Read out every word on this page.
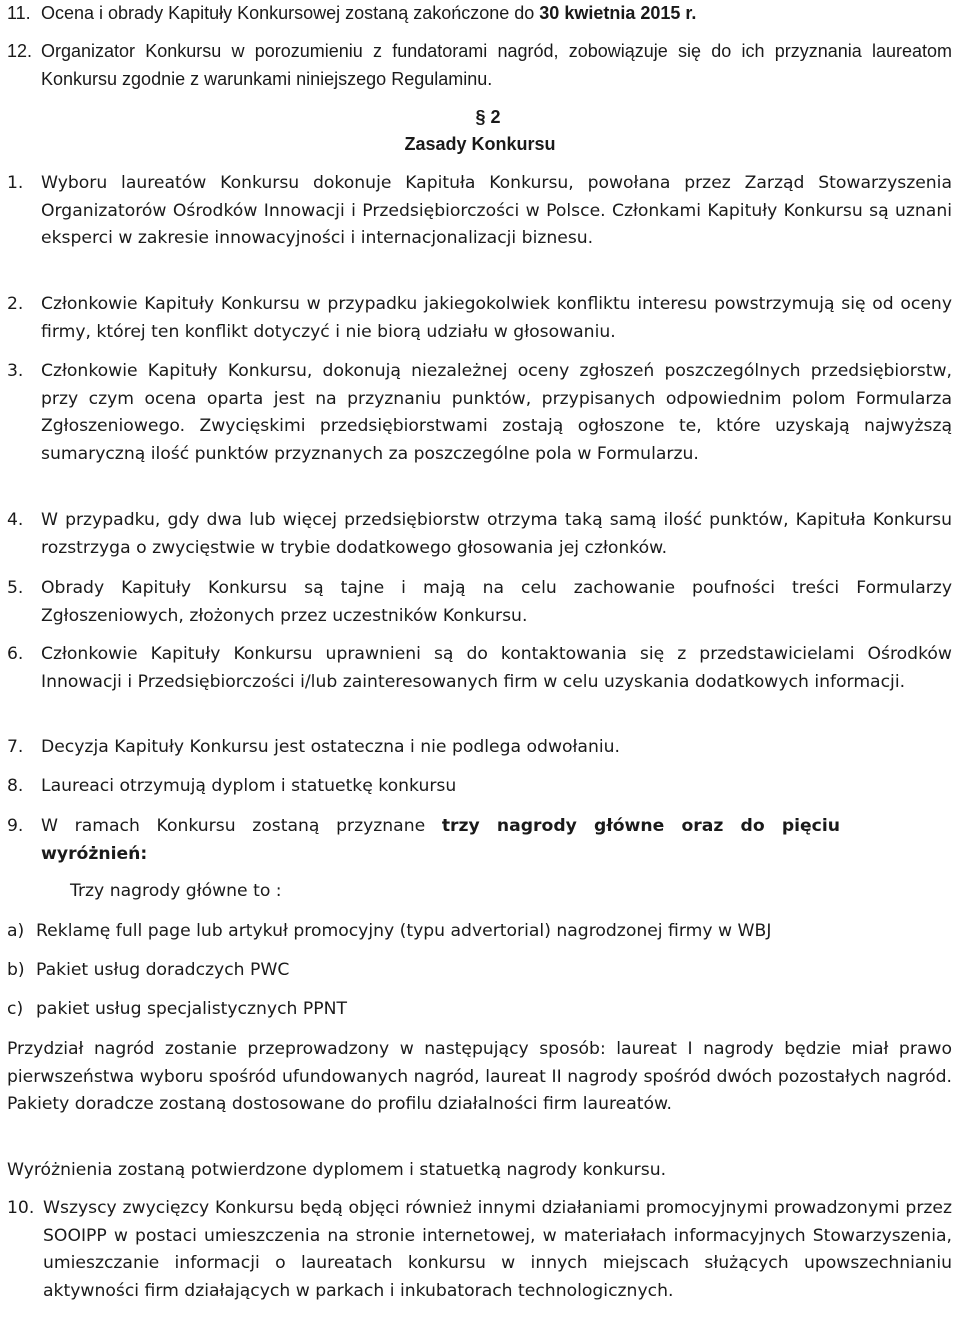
11. Ocena i obrady Kapituły Konkursowej zostaną zakończone do 30 kwietnia 2015 r.
12. Organizator Konkursu w porozumieniu z fundatorami nagród, zobowiązuje się do ich przyznania laureatom Konkursu zgodnie z warunkami niniejszego Regulaminu.
§ 2
Zasady Konkursu
1. Wyboru laureatów Konkursu dokonuje Kapituła Konkursu, powołana przez Zarząd Stowarzyszenia Organizatorów Ośrodków Innowacji i Przedsiębiorczości w Polsce. Członkami Kapituły Konkursu są uznani eksperci w zakresie innowacyjności i internacjonalizacji biznesu.
2. Członkowie Kapituły Konkursu w przypadku jakiegokolwiek konfliktu interesu powstrzymują się od oceny firmy, której ten konflikt dotyczyć i nie biorą udziału w głosowaniu.
3. Członkowie Kapituły Konkursu, dokonują niezależnej oceny zgłoszeń poszczególnych przedsiębiorstw, przy czym ocena oparta jest na przyznaniu punktów, przypisanych odpowiednim polom Formularza Zgłoszeniowego. Zwycięskimi przedsiębiorstwami zostają ogłoszone te, które uzyskają najwyższą sumaryczną ilość punktów przyznanych za poszczególne pola w Formularzu.
4. W przypadku, gdy dwa lub więcej przedsiębiorstw otrzyma taką samą ilość punktów, Kapituła Konkursu rozstrzyga o zwycięstwie w trybie dodatkowego głosowania jej członków.
5. Obrady Kapituły Konkursu są tajne i mają na celu zachowanie poufności treści Formularzy Zgłoszeniowych, złożonych przez uczestników Konkursu.
6. Członkowie Kapituły Konkursu uprawnieni są do kontaktowania się z przedstawicielami Ośrodków Innowacji i Przedsiębiorczości i/lub zainteresowanych firm w celu uzyskania dodatkowych informacji.
7. Decyzja Kapituły Konkursu jest ostateczna i nie podlega odwołaniu.
8. Laureaci otrzymują dyplom i statuetkę konkursu
9. W ramach Konkursu zostaną przyznane trzy nagrody główne oraz do pięciu wyróżnień:
Trzy nagrody główne to :
a) Reklamę full page lub artykuł promocyjny (typu advertorial) nagrodzonej firmy w WBJ
b) Pakiet usług doradczych PWC
c) pakiet usług specjalistycznych PPNT
Przydział nagród zostanie przeprowadzony w następujący sposób: laureat I nagrody będzie miał prawo pierwszeństwa wyboru spośród ufundowanych nagród, laureat II nagrody spośród dwóch pozostałych nagród. Pakiety doradcze zostaną dostosowane do profilu działalności firm laureatów.
Wyróżnienia zostaną potwierdzone dyplomem i statuetką nagrody konkursu.
10. Wszyscy zwycięzcy Konkursu będą objęci również innymi działaniami promocyjnymi prowadzonymi przez SOOIPP w postaci umieszczenia na stronie internetowej, w materiałach informacyjnych Stowarzyszenia, umieszczanie informacji o laureatach konkursu w innych miejscach służących upowszechnianiu aktywności firm działających w parkach i inkubatorach technologicznych.
